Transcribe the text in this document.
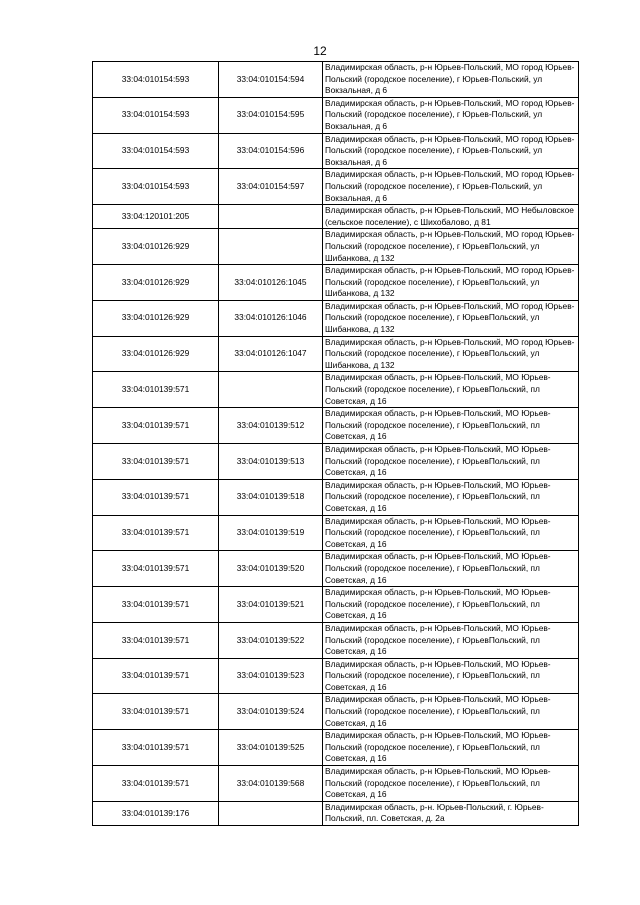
12
33:04:010154:593	33:04:010154:594	Владимирская область, р-н Юрьев-Польский, МО город Юрьев-Польский (городское поселение), г Юрьев-Польский, ул Вокзальная, д 6
33:04:010154:593	33:04:010154:595	Владимирская область, р-н Юрьев-Польский, МО город Юрьев-Польский (городское поселение), г Юрьев-Польский, ул Вокзальная, д 6
33:04:010154:593	33:04:010154:596	Владимирская область, р-н Юрьев-Польский, МО город Юрьев-Польский (городское поселение), г Юрьев-Польский, ул Вокзальная, д 6
33:04:010154:593	33:04:010154:597	Владимирская область, р-н Юрьев-Польский, МО город Юрьев-Польский (городское поселение), г Юрьев-Польский, ул Вокзальная, д 6
33:04:120101:205		Владимирская область, р-н Юрьев-Польский, МО Небыловское (сельское поселение), с Шихобалово, д 81
33:04:010126:929		Владимирская область, р-н Юрьев-Польский, МО город Юрьев-Польский (городское поселение), г ЮрьевПольский, ул Шибанкова, д 132
33:04:010126:929	33:04:010126:1045	Владимирская область, р-н Юрьев-Польский, МО город Юрьев-Польский (городское поселение), г ЮрьевПольский, ул Шибанкова, д 132
33:04:010126:929	33:04:010126:1046	Владимирская область, р-н Юрьев-Польский, МО город Юрьев-Польский (городское поселение), г ЮрьевПольский, ул Шибанкова, д 132
33:04:010126:929	33:04:010126:1047	Владимирская область, р-н Юрьев-Польский, МО город Юрьев-Польский (городское поселение), г ЮрьевПольский, ул Шибанкова, д 132
33:04:010139:571		Владимирская область, р-н Юрьев-Польский, МО Юрьев-Польский (городское поселение), г ЮрьевПольский, пл Советская, д 16
33:04:010139:571	33:04:010139:512	Владимирская область, р-н Юрьев-Польский, МО Юрьев-Польский (городское поселение), г ЮрьевПольский, пл Советская, д 16
33:04:010139:571	33:04:010139:513	Владимирская область, р-н Юрьев-Польский, МО Юрьев-Польский (городское поселение), г ЮрьевПольский, пл Советская, д 16
33:04:010139:571	33:04:010139:518	Владимирская область, р-н Юрьев-Польский, МО Юрьев-Польский (городское поселение), г ЮрьевПольский, пл Советская, д 16
33:04:010139:571	33:04:010139:519	Владимирская область, р-н Юрьев-Польский, МО Юрьев-Польский (городское поселение), г ЮрьевПольский, пл Советская, д 16
33:04:010139:571	33:04:010139:520	Владимирская область, р-н Юрьев-Польский, МО Юрьев-Польский (городское поселение), г ЮрьевПольский, пл Советская, д 16
33:04:010139:571	33:04:010139:521	Владимирская область, р-н Юрьев-Польский, МО Юрьев-Польский (городское поселение), г ЮрьевПольский, пл Советская, д 16
33:04:010139:571	33:04:010139:522	Владимирская область, р-н Юрьев-Польский, МО Юрьев-Польский (городское поселение), г ЮрьевПольский, пл Советская, д 16
33:04:010139:571	33:04:010139:523	Владимирская область, р-н Юрьев-Польский, МО Юрьев-Польский (городское поселение), г ЮрьевПольский, пл Советская, д 16
33:04:010139:571	33:04:010139:524	Владимирская область, р-н Юрьев-Польский, МО Юрьев-Польский (городское поселение), г ЮрьевПольский, пл Советская, д 16
33:04:010139:571	33:04:010139:525	Владимирская область, р-н Юрьев-Польский, МО Юрьев-Польский (городское поселение), г ЮрьевПольский, пл Советская, д 16
33:04:010139:571	33:04:010139:568	Владимирская область, р-н Юрьев-Польский, МО Юрьев-Польский (городское поселение), г ЮрьевПольский, пл Советская, д 16
33:04:010139:176		Владимирская область, р-н. Юрьев-Польский, г. Юрьев-Польский, пл. Советская, д. 2а
